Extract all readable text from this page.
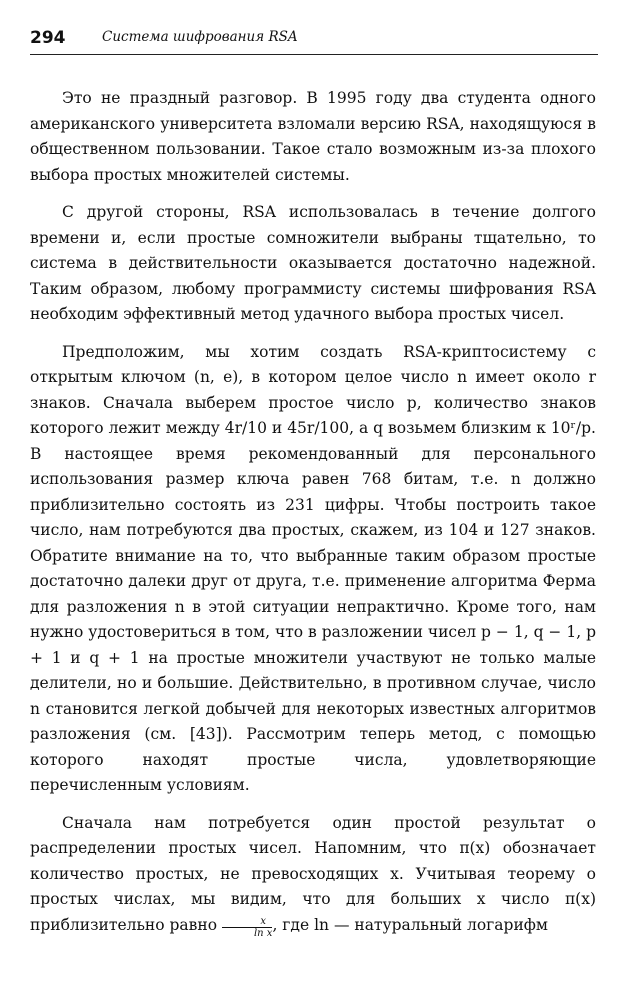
294	Система шифрования RSA

Это не праздный разговор. В 1995 году два студента одного американского университета взломали версию RSA, находящуюся в общественном пользовании. Такое стало возможным из-за плохого выбора простых множителей системы.

С другой стороны, RSA использовалась в течение долгого времени и, если простые сомножители выбраны тщательно, то система в действительности оказывается достаточно надежной. Таким образом, любому программисту системы шифрования RSA необходим эффективный метод удачного выбора простых чисел.

Предположим, мы хотим создать RSA-криптосистему с открытым ключом (n, e), в котором целое число n имеет около r знаков. Сначала выберем простое число p, количество знаков которого лежит между 4r/10 и 45r/100, а q возьмем близким к 10ʳ/p. В настоящее время рекомендованный для персонального использования размер ключа равен 768 битам, т.е. n должно приблизительно состоять из 231 цифры. Чтобы построить такое число, нам потребуются два простых, скажем, из 104 и 127 знаков. Обратите внимание на то, что выбранные таким образом простые достаточно далеки друг от друга, т.е. применение алгоритма Ферма для разложения n в этой ситуации непрактично. Кроме того, нам нужно удостовериться в том, что в разложении чисел p − 1, q − 1, p + 1 и q + 1 на простые множители участвуют не только малые делители, но и большие. Действительно, в противном случае, число n становится легкой добычей для некоторых известных алгоритмов разложения (см. [43]). Рассмотрим теперь метод, с помощью которого находят простые числа, удовлетворяющие перечисленным условиям.

Сначала нам потребуется один простой результат о распределении простых чисел. Напомним, что π(x) обозначает количество простых, не превосходящих x. Учитывая теорему о простых числах, мы видим, что для больших x число π(x) приблизительно равно $\frac{x}{\text{ln x}}$ , где ln — натуральный логарифм
